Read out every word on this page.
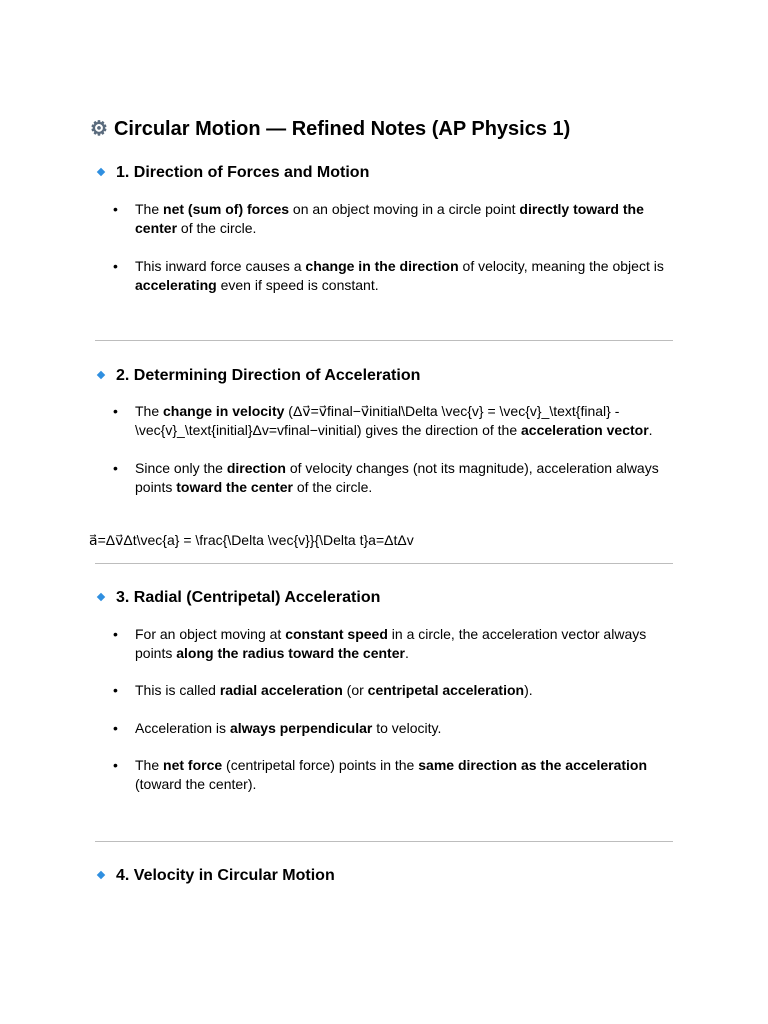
⚙ Circular Motion — Refined Notes (AP Physics 1)
1. Direction of Forces and Motion
• The net (sum of) forces on an object moving in a circle point directly toward the center of the circle.
• This inward force causes a change in the direction of velocity, meaning the object is accelerating even if speed is constant.
2. Determining Direction of Acceleration
• The change in velocity (Δv⃗=v⃗final−v⃗initial\Delta \vec{v} = \vec{v}_\text{final} - \vec{v}_\text{initial}Δv=vfinal−vinitial) gives the direction of the acceleration vector.
• Since only the direction of velocity changes (not its magnitude), acceleration always points toward the center of the circle.
a⃗=Δv⃗Δt\vec{a} = \frac{\Delta \vec{v}}{\Delta t}a=ΔtΔv
3. Radial (Centripetal) Acceleration
• For an object moving at constant speed in a circle, the acceleration vector always points along the radius toward the center.
• This is called radial acceleration (or centripetal acceleration).
• Acceleration is always perpendicular to velocity.
• The net force (centripetal force) points in the same direction as the acceleration (toward the center).
4. Velocity in Circular Motion
